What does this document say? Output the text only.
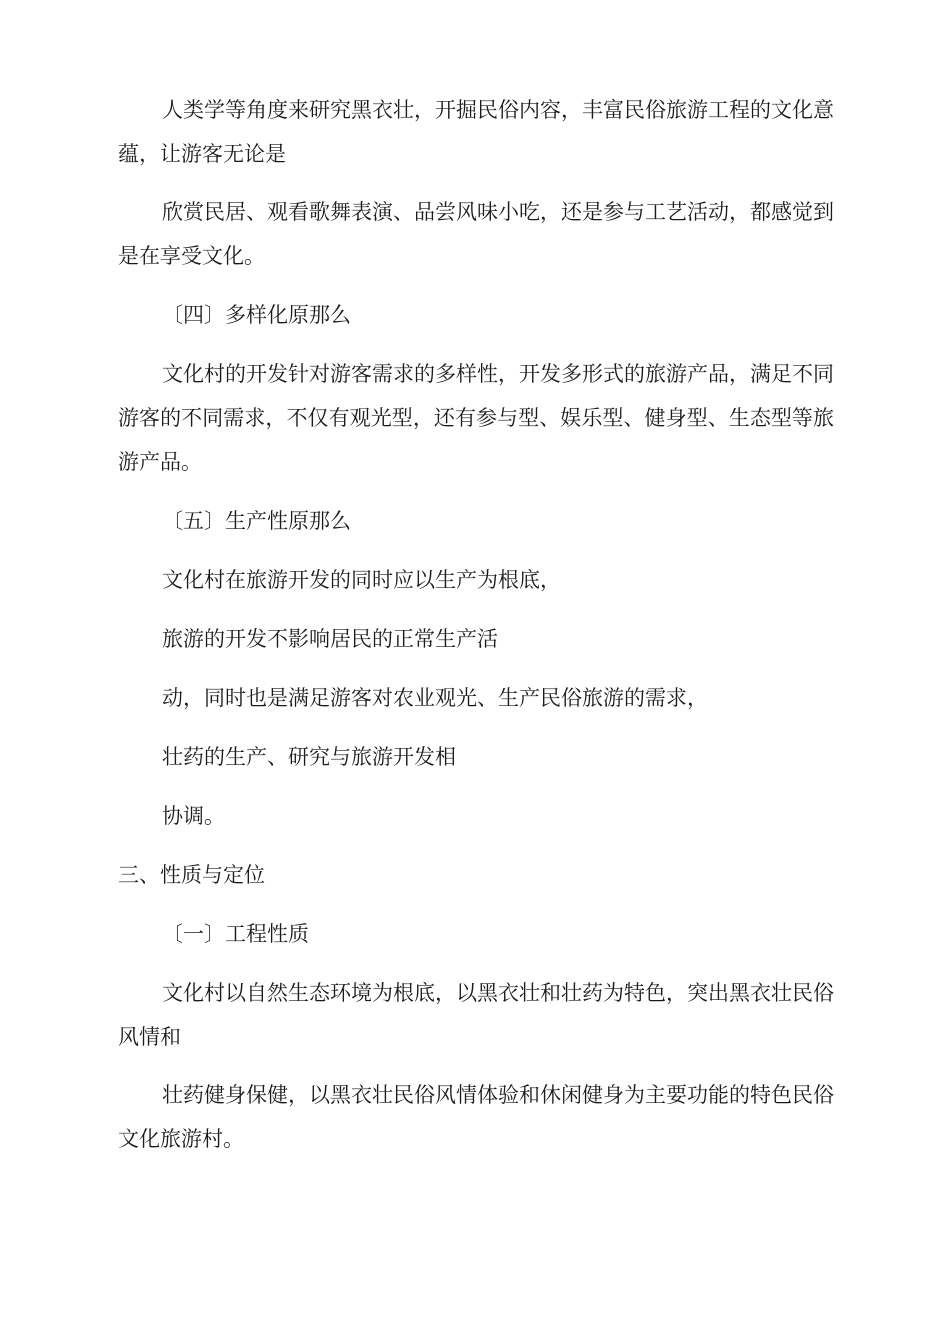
人类学等角度来研究黑衣壮，开掘民俗内容，丰富民俗旅游工程的文化意蕴，让游客无论是

欣赏民居、观看歌舞表演、品尝风味小吃，还是参与工艺活动，都感觉到是在享受文化。

〔四〕多样化原那么

文化村的开发针对游客需求的多样性，开发多形式的旅游产品，满足不同游客的不同需求，不仅有观光型，还有参与型、娱乐型、健身型、生态型等旅游产品。

〔五〕生产性原那么

文化村在旅游开发的同时应以生产为根底，

旅游的开发不影响居民的正常生产活

动，同时也是满足游客对农业观光、生产民俗旅游的需求，

壮药的生产、研究与旅游开发相

协调。

三、性质与定位

〔一〕工程性质

文化村以自然生态环境为根底，以黑衣壮和壮药为特色，突出黑衣壮民俗风情和

壮药健身保健，以黑衣壮民俗风情体验和休闲健身为主要功能的特色民俗文化旅游村。
